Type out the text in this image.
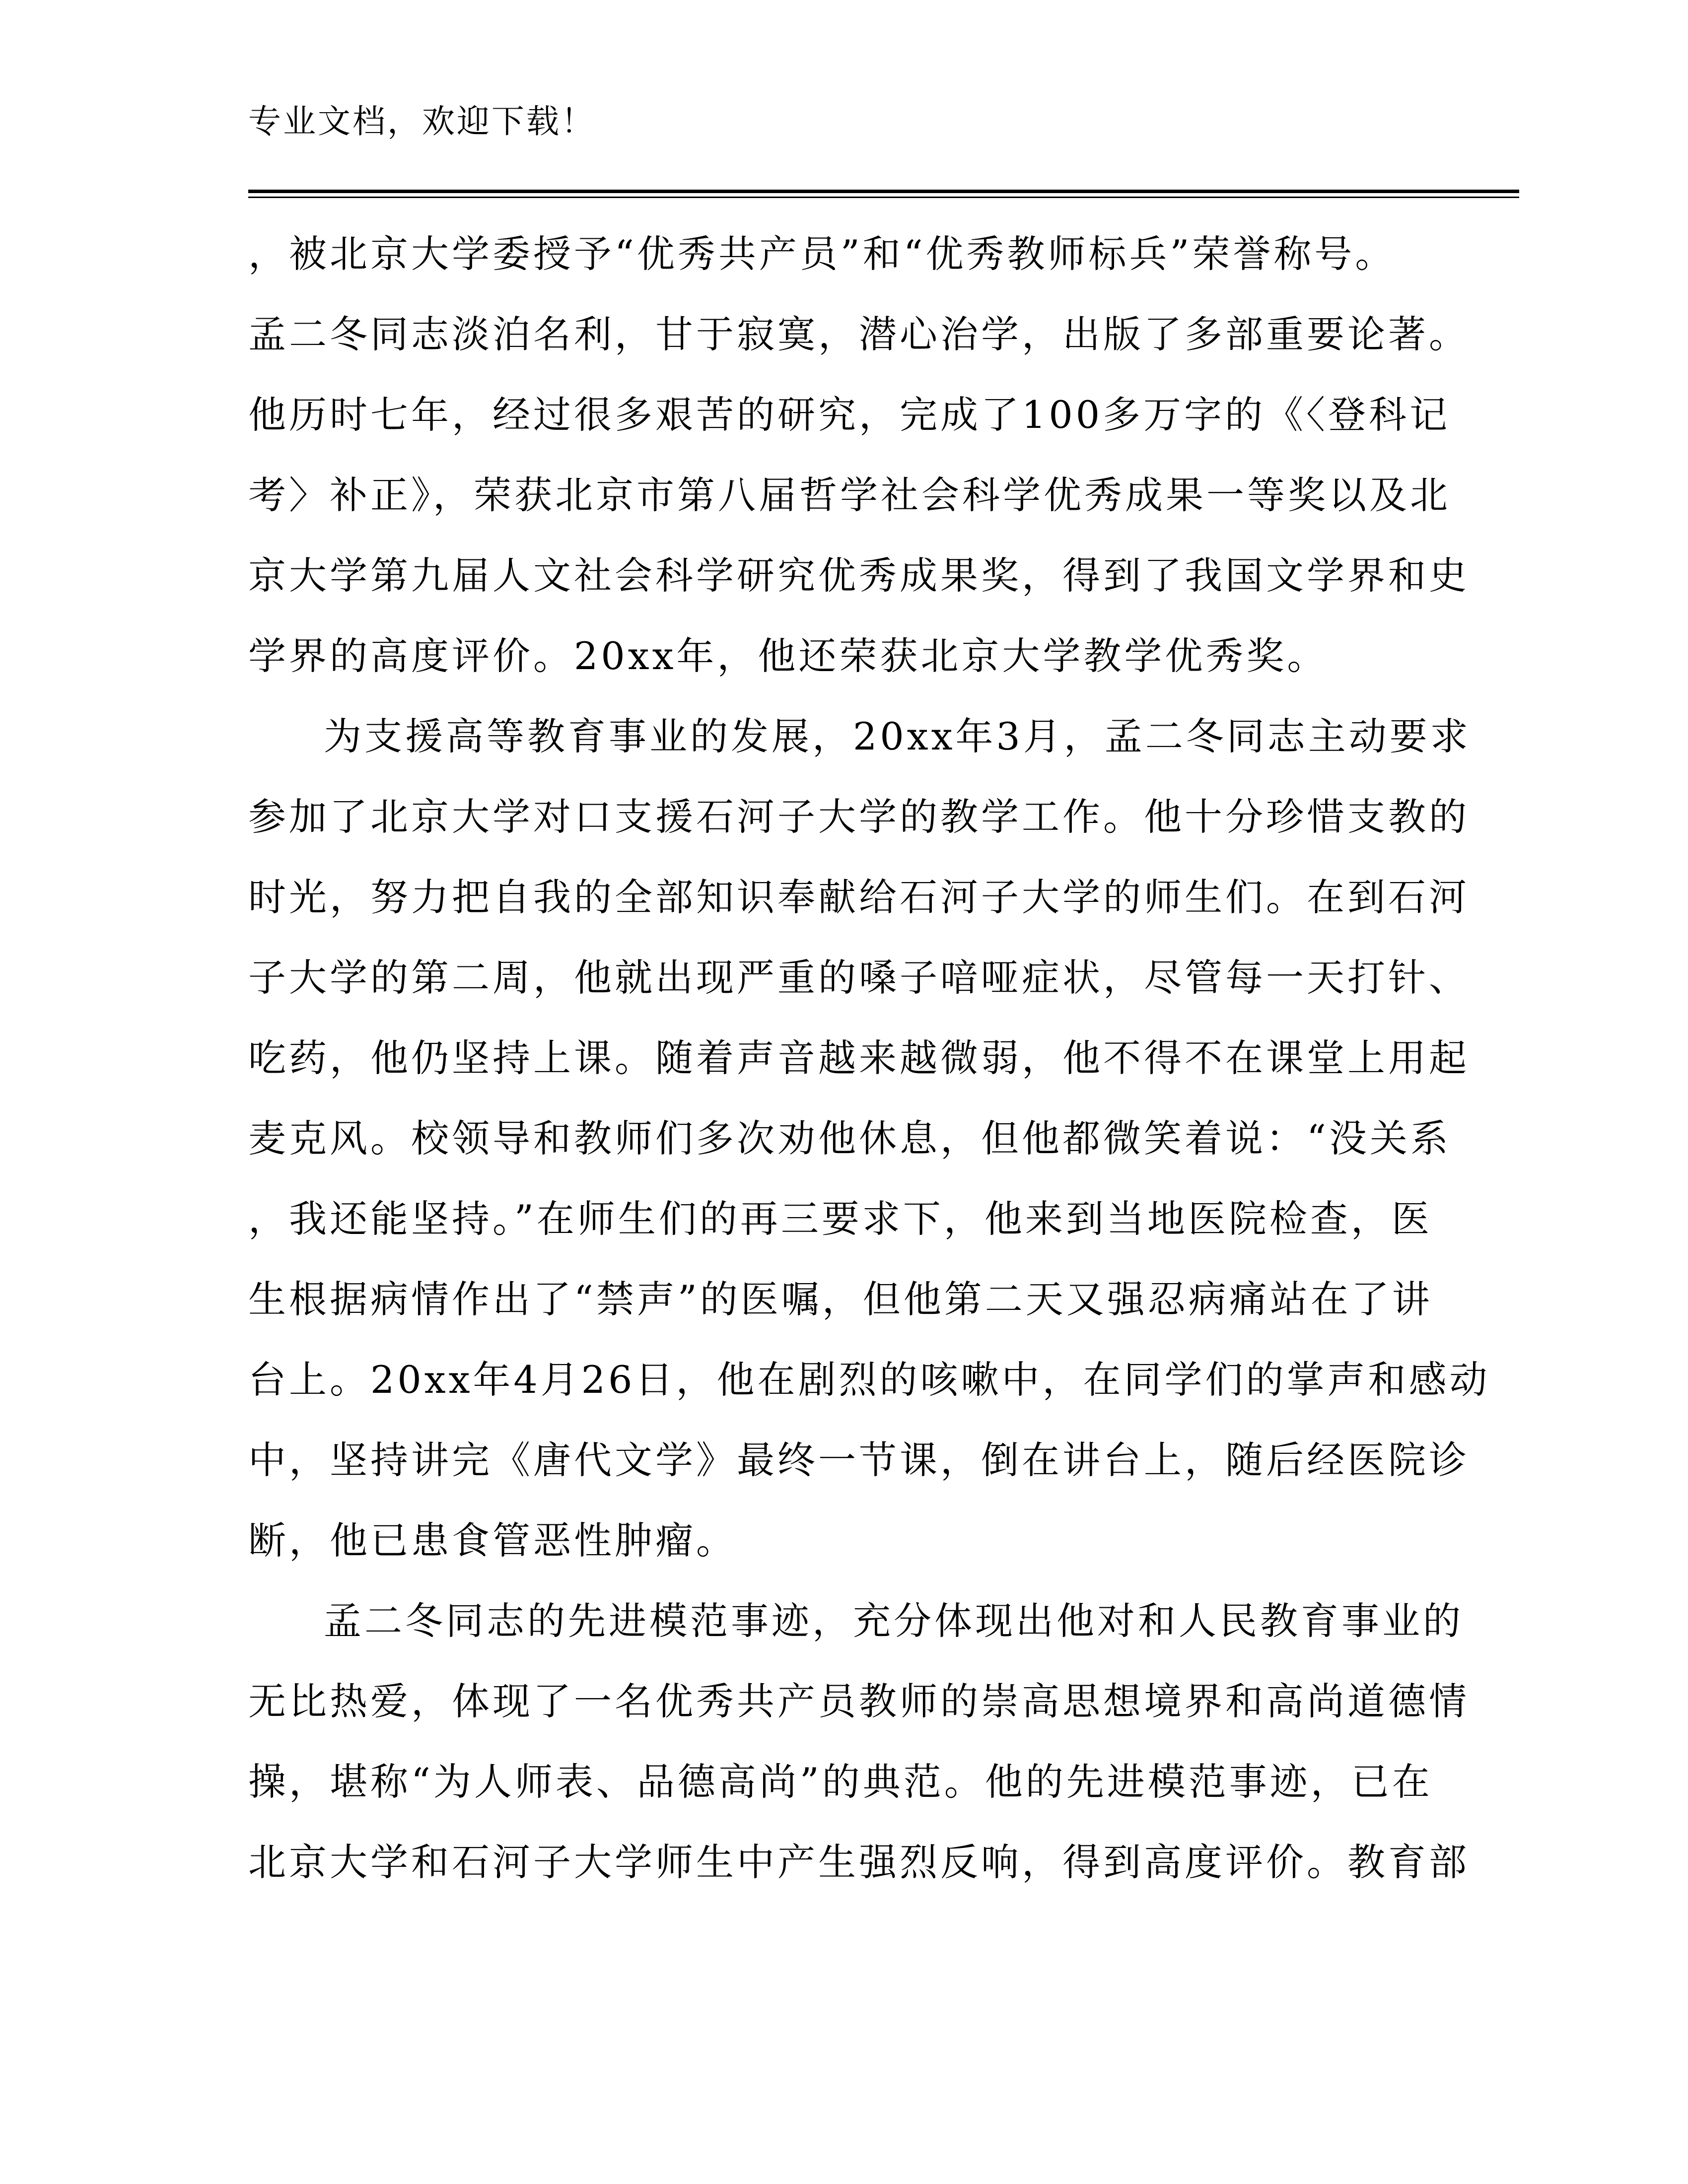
专业文档，欢迎下载！
，被北京大学委授予“优秀共产员”和“优秀教师标兵”荣誉称号。
孟二冬同志淡泊名利，甘于寂寞，潜心治学，出版了多部重要论著。
他历时七年，经过很多艰苦的研究，完成了100多万字的《〈登科记
考〉补正》，荣获北京市第八届哲学社会科学优秀成果一等奖以及北
京大学第九届人文社会科学研究优秀成果奖，得到了我国文学界和史
学界的高度评价。20xx年，他还荣获北京大学教学优秀奖。
为支援高等教育事业的发展，20xx年3月，孟二冬同志主动要求
参加了北京大学对口支援石河子大学的教学工作。他十分珍惜支教的
时光，努力把自我的全部知识奉献给石河子大学的师生们。在到石河
子大学的第二周，他就出现严重的嗓子喑哑症状，尽管每一天打针、
吃药，他仍坚持上课。随着声音越来越微弱，他不得不在课堂上用起
麦克风。校领导和教师们多次劝他休息，但他都微笑着说：“没关系
，我还能坚持。”在师生们的再三要求下，他来到当地医院检查，医
生根据病情作出了“禁声”的医嘱，但他第二天又强忍病痛站在了讲
台上。20xx年4月26日，他在剧烈的咳嗽中，在同学们的掌声和感动
中，坚持讲完《唐代文学》最终一节课，倒在讲台上，随后经医院诊
断，他已患食管恶性肿瘤。
孟二冬同志的先进模范事迹，充分体现出他对和人民教育事业的
无比热爱，体现了一名优秀共产员教师的崇高思想境界和高尚道德情
操，堪称“为人师表、品德高尚”的典范。他的先进模范事迹，已在
北京大学和石河子大学师生中产生强烈反响，得到高度评价。教育部
